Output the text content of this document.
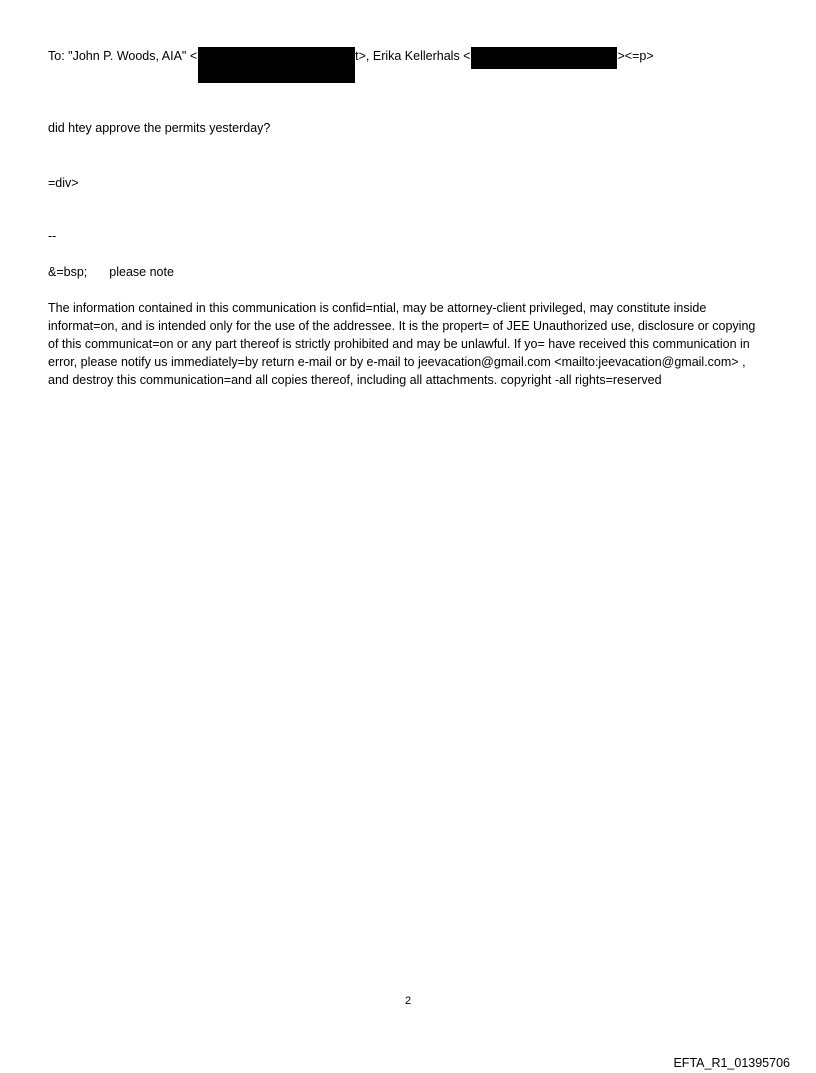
To: "John P. Woods, AIA" <	t>, Erika Kellerhals <	><=p>
did htey approve the permits yesterday?
=div>
--
&=bsp; please note
The information contained in this communication is confid=ntial, may be attorney-client privileged, may constitute inside informat=on, and is intended only for the use of the addressee. It is the propert= of JEE Unauthorized use, disclosure or copying of this communicat=on or any part thereof is strictly prohibited and may be unlawful. If yo= have received this communication in error, please notify us immediately=by return e-mail or by e-mail to jeevacation@gmail.com <mailto:jeevacation@gmail.com> , and destroy this communication=and all copies thereof, including all attachments. copyright -all rights=reserved
2
EFTA_R1_01395706
